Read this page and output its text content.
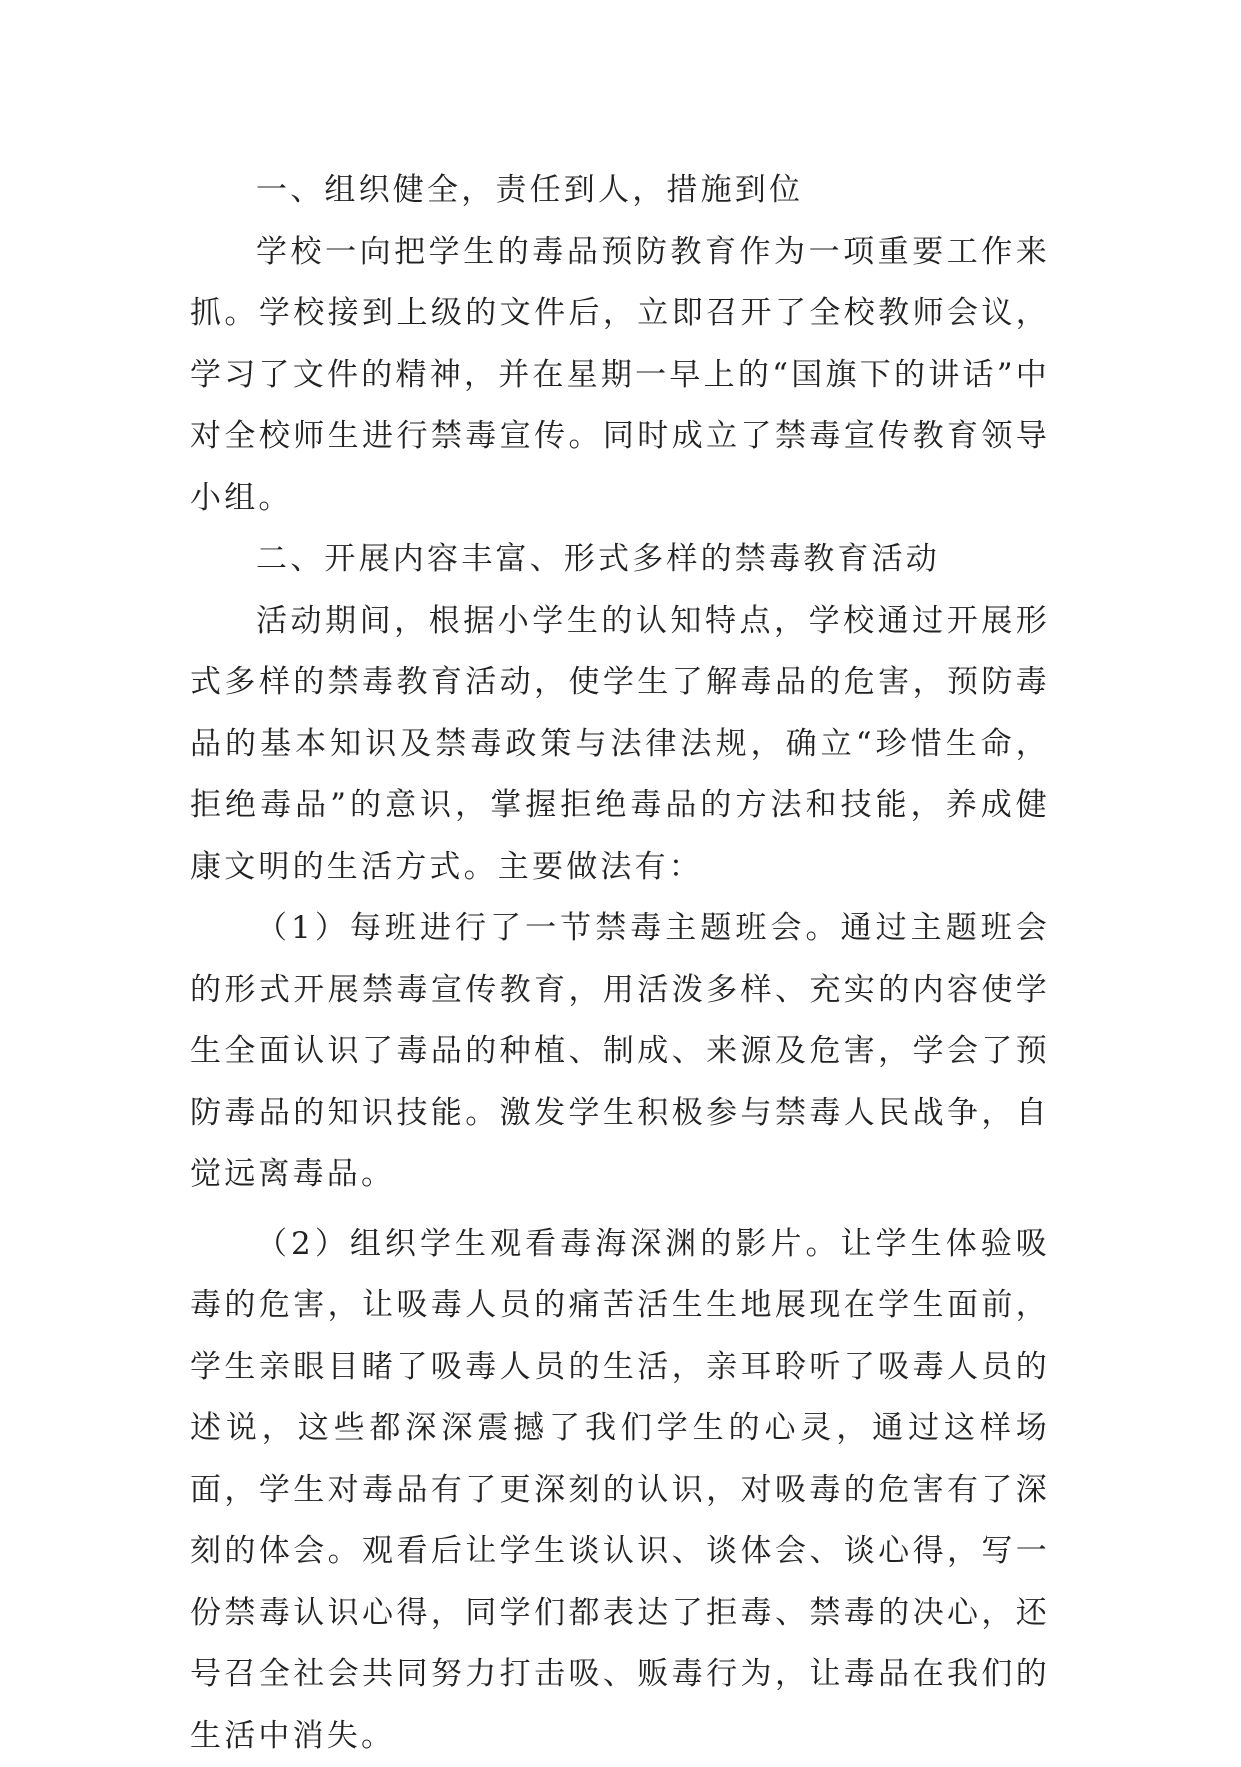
一、组织健全，责任到人，措施到位

学校一向把学生的毒品预防教育作为一项重要工作来抓。学校接到上级的文件后，立即召开了全校教师会议，学习了文件的精神，并在星期一早上的“国旗下的讲话”中对全校师生进行禁毒宣传。同时成立了禁毒宣传教育领导小组。

二、开展内容丰富、形式多样的禁毒教育活动

活动期间，根据小学生的认知特点，学校通过开展形式多样的禁毒教育活动，使学生了解毒品的危害，预防毒品的基本知识及禁毒政策与法律法规，确立“珍惜生命，拒绝毒品”的意识，掌握拒绝毒品的方法和技能，养成健康文明的生活方式。主要做法有：

（1）每班进行了一节禁毒主题班会。通过主题班会的形式开展禁毒宣传教育，用活泼多样、充实的内容使学生全面认识了毒品的种植、制成、来源及危害，学会了预防毒品的知识技能。激发学生积极参与禁毒人民战争，自觉远离毒品。

（2）组织学生观看毒海深渊的影片。让学生体验吸毒的危害，让吸毒人员的痛苦活生生地展现在学生面前，学生亲眼目睹了吸毒人员的生活，亲耳聆听了吸毒人员的述说，这些都深深震撼了我们学生的心灵，通过这样场面，学生对毒品有了更深刻的认识，对吸毒的危害有了深刻的体会。观看后让学生谈认识、谈体会、谈心得，写一份禁毒认识心得，同学们都表达了拒毒、禁毒的决心，还号召全社会共同努力打击吸、贩毒行为，让毒品在我们的生活中消失。
